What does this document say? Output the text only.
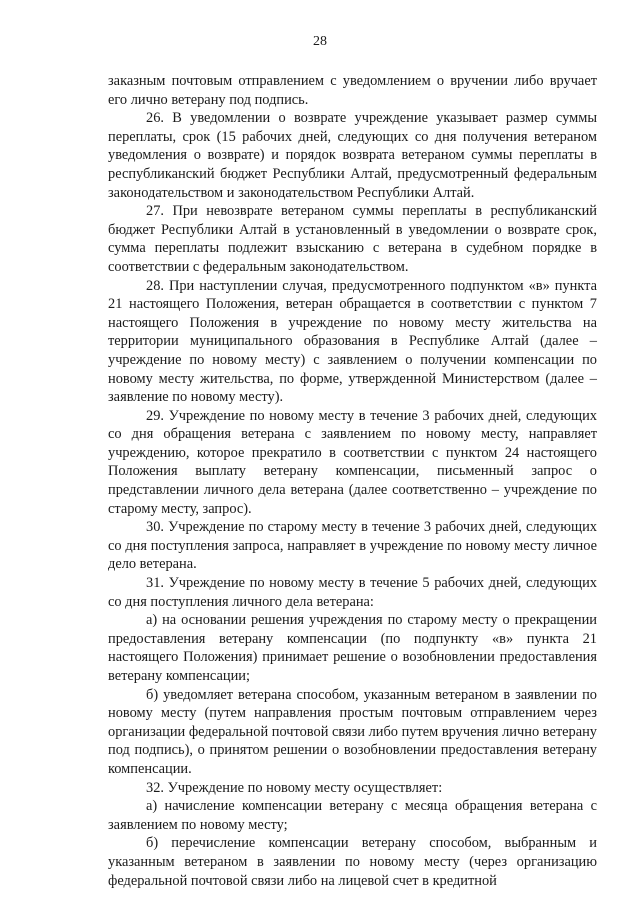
28

заказным почтовым отправлением с уведомлением о вручении либо вручает его лично ветерану под подпись.

26. В уведомлении о возврате учреждение указывает размер суммы переплаты, срок (15 рабочих дней, следующих со дня получения ветераном уведомления о возврате) и порядок возврата ветераном суммы переплаты в республиканский бюджет Республики Алтай, предусмотренный федеральным законодательством и законодательством Республики Алтай.

27. При невозврате ветераном суммы переплаты в республиканский бюджет Республики Алтай в установленный в уведомлении о возврате срок, сумма переплаты подлежит взысканию с ветерана в судебном порядке в соответствии с федеральным законодательством.

28. При наступлении случая, предусмотренного подпунктом «в» пункта 21 настоящего Положения, ветеран обращается в соответствии с пунктом 7 настоящего Положения в учреждение по новому месту жительства на территории муниципального образования в Республике Алтай (далее – учреждение по новому месту) с заявлением о получении компенсации по новому месту жительства, по форме, утвержденной Министерством (далее – заявление по новому месту).

29. Учреждение по новому месту в течение 3 рабочих дней, следующих со дня обращения ветерана с заявлением по новому месту, направляет учреждению, которое прекратило в соответствии с пунктом 24 настоящего Положения выплату ветерану компенсации, письменный запрос о представлении личного дела ветерана (далее соответственно – учреждение по старому месту, запрос).

30. Учреждение по старому месту в течение 3 рабочих дней, следующих со дня поступления запроса, направляет в учреждение по новому месту личное дело ветерана.

31. Учреждение по новому месту в течение 5 рабочих дней, следующих со дня поступления личного дела ветерана:

а) на основании решения учреждения по старому месту о прекращении предоставления ветерану компенсации (по подпункту «в» пункта 21 настоящего Положения) принимает решение о возобновлении предоставления ветерану компенсации;

б) уведомляет ветерана способом, указанным ветераном в заявлении по новому месту (путем направления простым почтовым отправлением через организации федеральной почтовой связи либо путем вручения лично ветерану под подпись), о принятом решении о возобновлении предоставления ветерану компенсации.

32. Учреждение по новому месту осуществляет:

а) начисление компенсации ветерану с месяца обращения ветерана с заявлением по новому месту;

б) перечисление компенсации ветерану способом, выбранным и указанным ветераном в заявлении по новому месту (через организацию федеральной почтовой связи либо на лицевой счет в кредитной
